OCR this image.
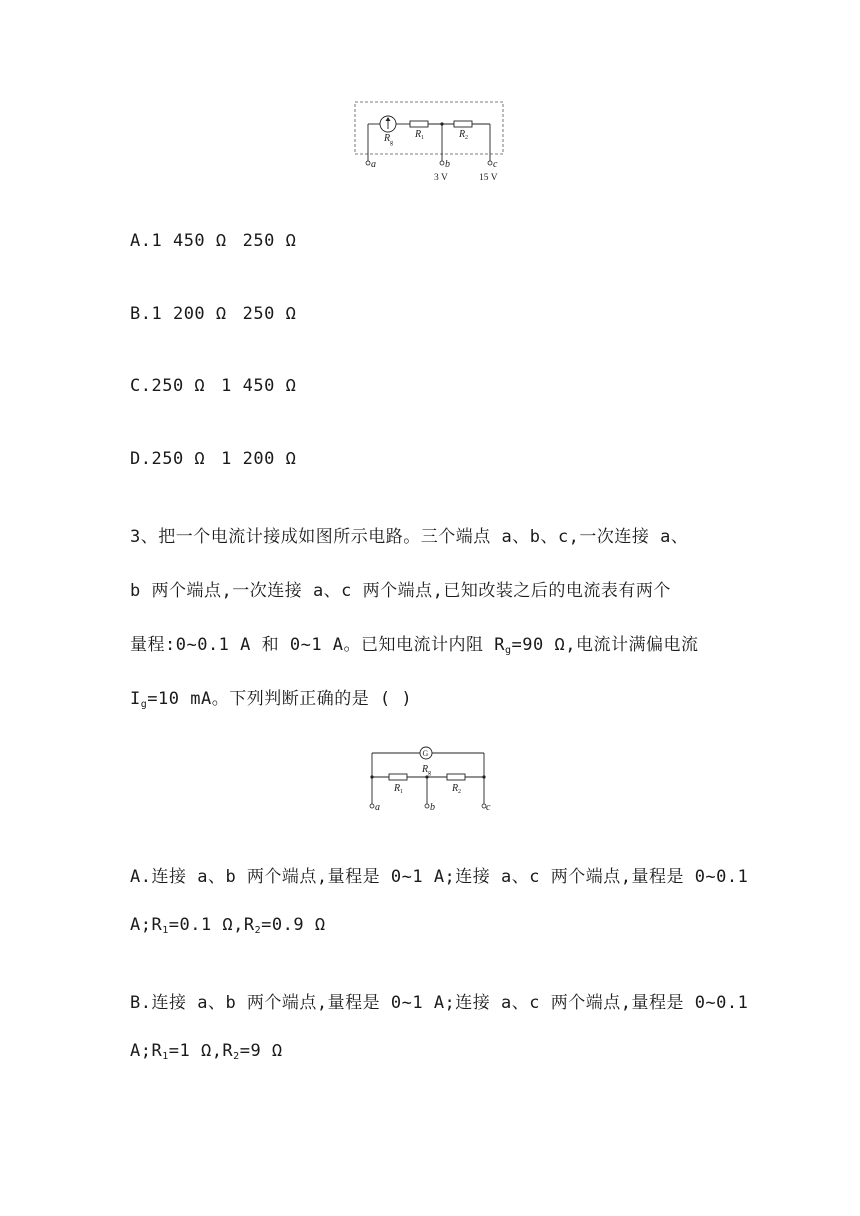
R g
R 1	R 2
a	b	c
3 V	15 V
A.1 450 Ω 250 Ω
B.1 200 Ω 250 Ω
C.250 Ω 1 450 Ω
D.250 Ω 1 200 Ω
3、把一个电流计接成如图所示电路。三个端点 a、b、c,一次连接 a、
b 两个端点,一次连接 a、c 两个端点,已知改装之后的电流表有两个
量程:0~0.1 A 和 0~1 A。已知电流计内阻 $R_g=90$ Ω,电流计满偏电流
$I_g=10$ mA。下列判断正确的是 ( )
G
R g
R 1	R 2
a	b	c
A.连接 a、b 两个端点,量程是 0~1 A;连接 a、c 两个端点,量程是 0~0.1
$A;R_1=0.1$ $\Omega,R_2=0.9$ Ω
B.连接 a、b 两个端点,量程是 0~1 A;连接 a、c 两个端点,量程是 0~0.1
$A;R_1=1$ $\Omega,R_2=9$ Ω
